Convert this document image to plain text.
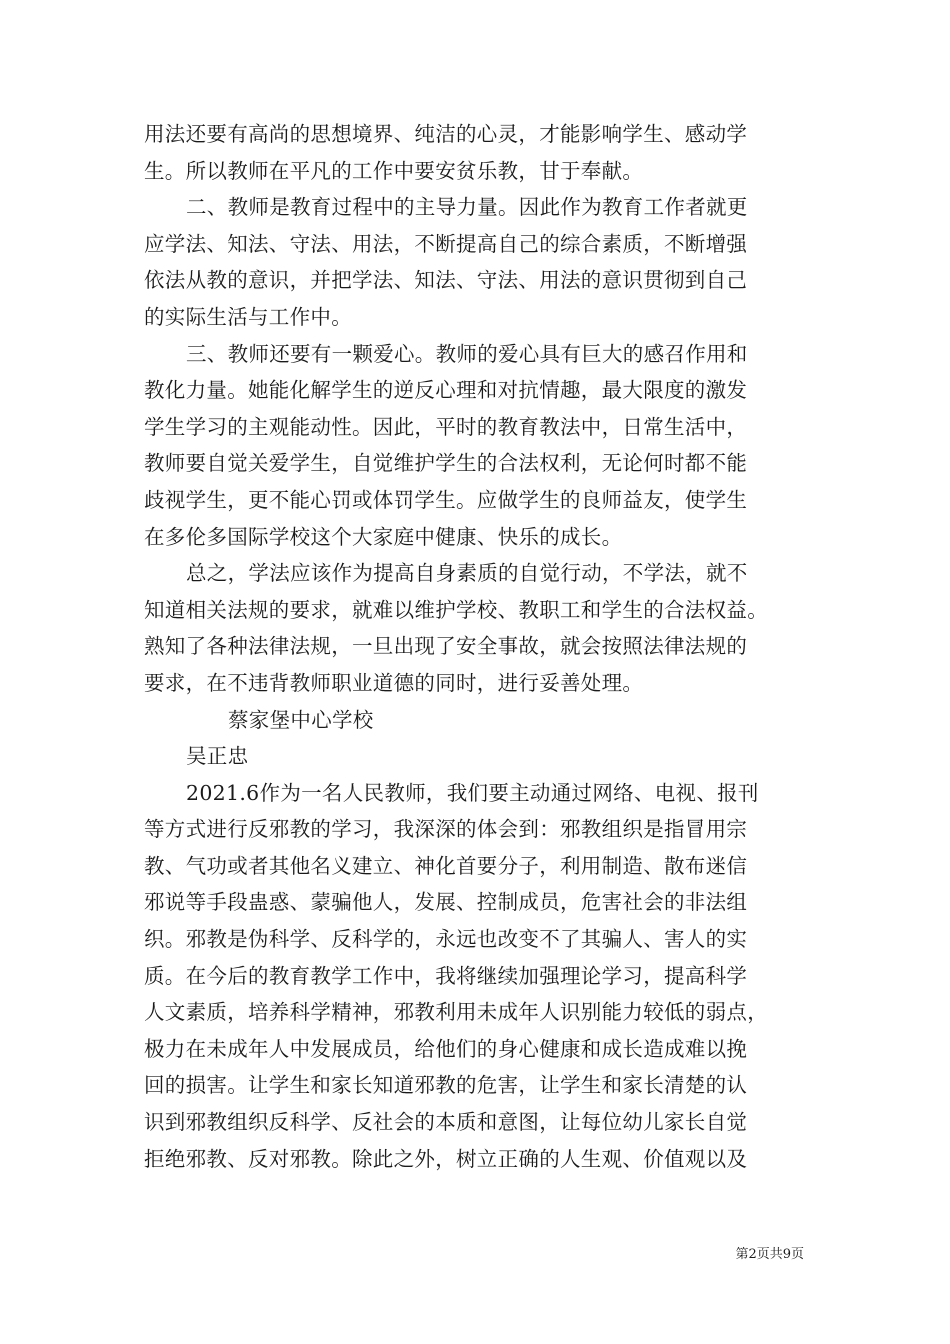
用法还要有高尚的思想境界、纯洁的心灵，才能影响学生、感动学
生。所以教师在平凡的工作中要安贫乐教，甘于奉献。
二、教师是教育过程中的主导力量。因此作为教育工作者就更
应学法、知法、守法、用法，不断提高自己的综合素质，不断增强
依法从教的意识，并把学法、知法、守法、用法的意识贯彻到自己
的实际生活与工作中。
三、教师还要有一颗爱心。教师的爱心具有巨大的感召作用和
教化力量。她能化解学生的逆反心理和对抗情趣，最大限度的激发
学生学习的主观能动性。因此，平时的教育教法中，日常生活中，
教师要自觉关爱学生，自觉维护学生的合法权利，无论何时都不能
歧视学生，更不能心罚或体罚学生。应做学生的良师益友，使学生
在多伦多国际学校这个大家庭中健康、快乐的成长。
总之，学法应该作为提高自身素质的自觉行动，不学法，就不
知道相关法规的要求，就难以维护学校、教职工和学生的合法权益。
熟知了各种法律法规，一旦出现了安全事故，就会按照法律法规的
要求，在不违背教师职业道德的同时，进行妥善处理。
蔡家堡中心学校
吴正忠
2021.6作为一名人民教师，我们要主动通过网络、电视、报刊
等方式进行反邪教的学习，我深深的体会到：邪教组织是指冒用宗
教、气功或者其他名义建立、神化首要分子，利用制造、散布迷信
邪说等手段蛊惑、蒙骗他人，发展、控制成员，危害社会的非法组
织。邪教是伪科学、反科学的，永远也改变不了其骗人、害人的实
质。在今后的教育教学工作中，我将继续加强理论学习，提高科学
人文素质，培养科学精神，邪教利用未成年人识别能力较低的弱点，
极力在未成年人中发展成员，给他们的身心健康和成长造成难以挽
回的损害。让学生和家长知道邪教的危害，让学生和家长清楚的认
识到邪教组织反科学、反社会的本质和意图，让每位幼儿家长自觉
拒绝邪教、反对邪教。除此之外，树立正确的人生观、价值观以及
第2页共9页
